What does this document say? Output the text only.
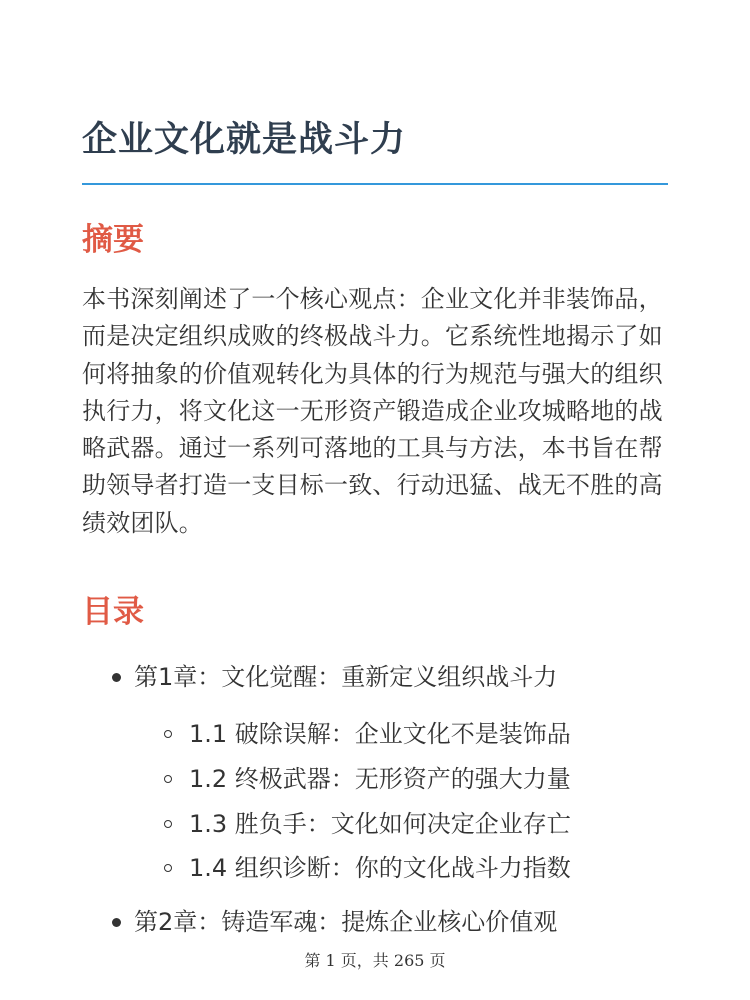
企业文化就是战斗力
摘要

本书深刻阐述了一个核心观点：企业文化并非装饰品，而是决定组织成败的终极战斗力。它系统性地揭示了如何将抽象的价值观转化为具体的行为规范与强大的组织执行力，将文化这一无形资产锻造成企业攻城略地的战略武器。通过一系列可落地的工具与方法，本书旨在帮助领导者打造一支目标一致、行动迅猛、战无不胜的高绩效团队。

目录

第1章：文化觉醒：重新定义组织战斗力

1.1 破除误解：企业文化不是装饰品

1.2 终极武器：无形资产的强大力量

1.3 胜负手：文化如何决定企业存亡

1.4 组织诊断：你的文化战斗力指数

第2章：铸造军魂：提炼企业核心价值观

第 1 页，共 265 页
